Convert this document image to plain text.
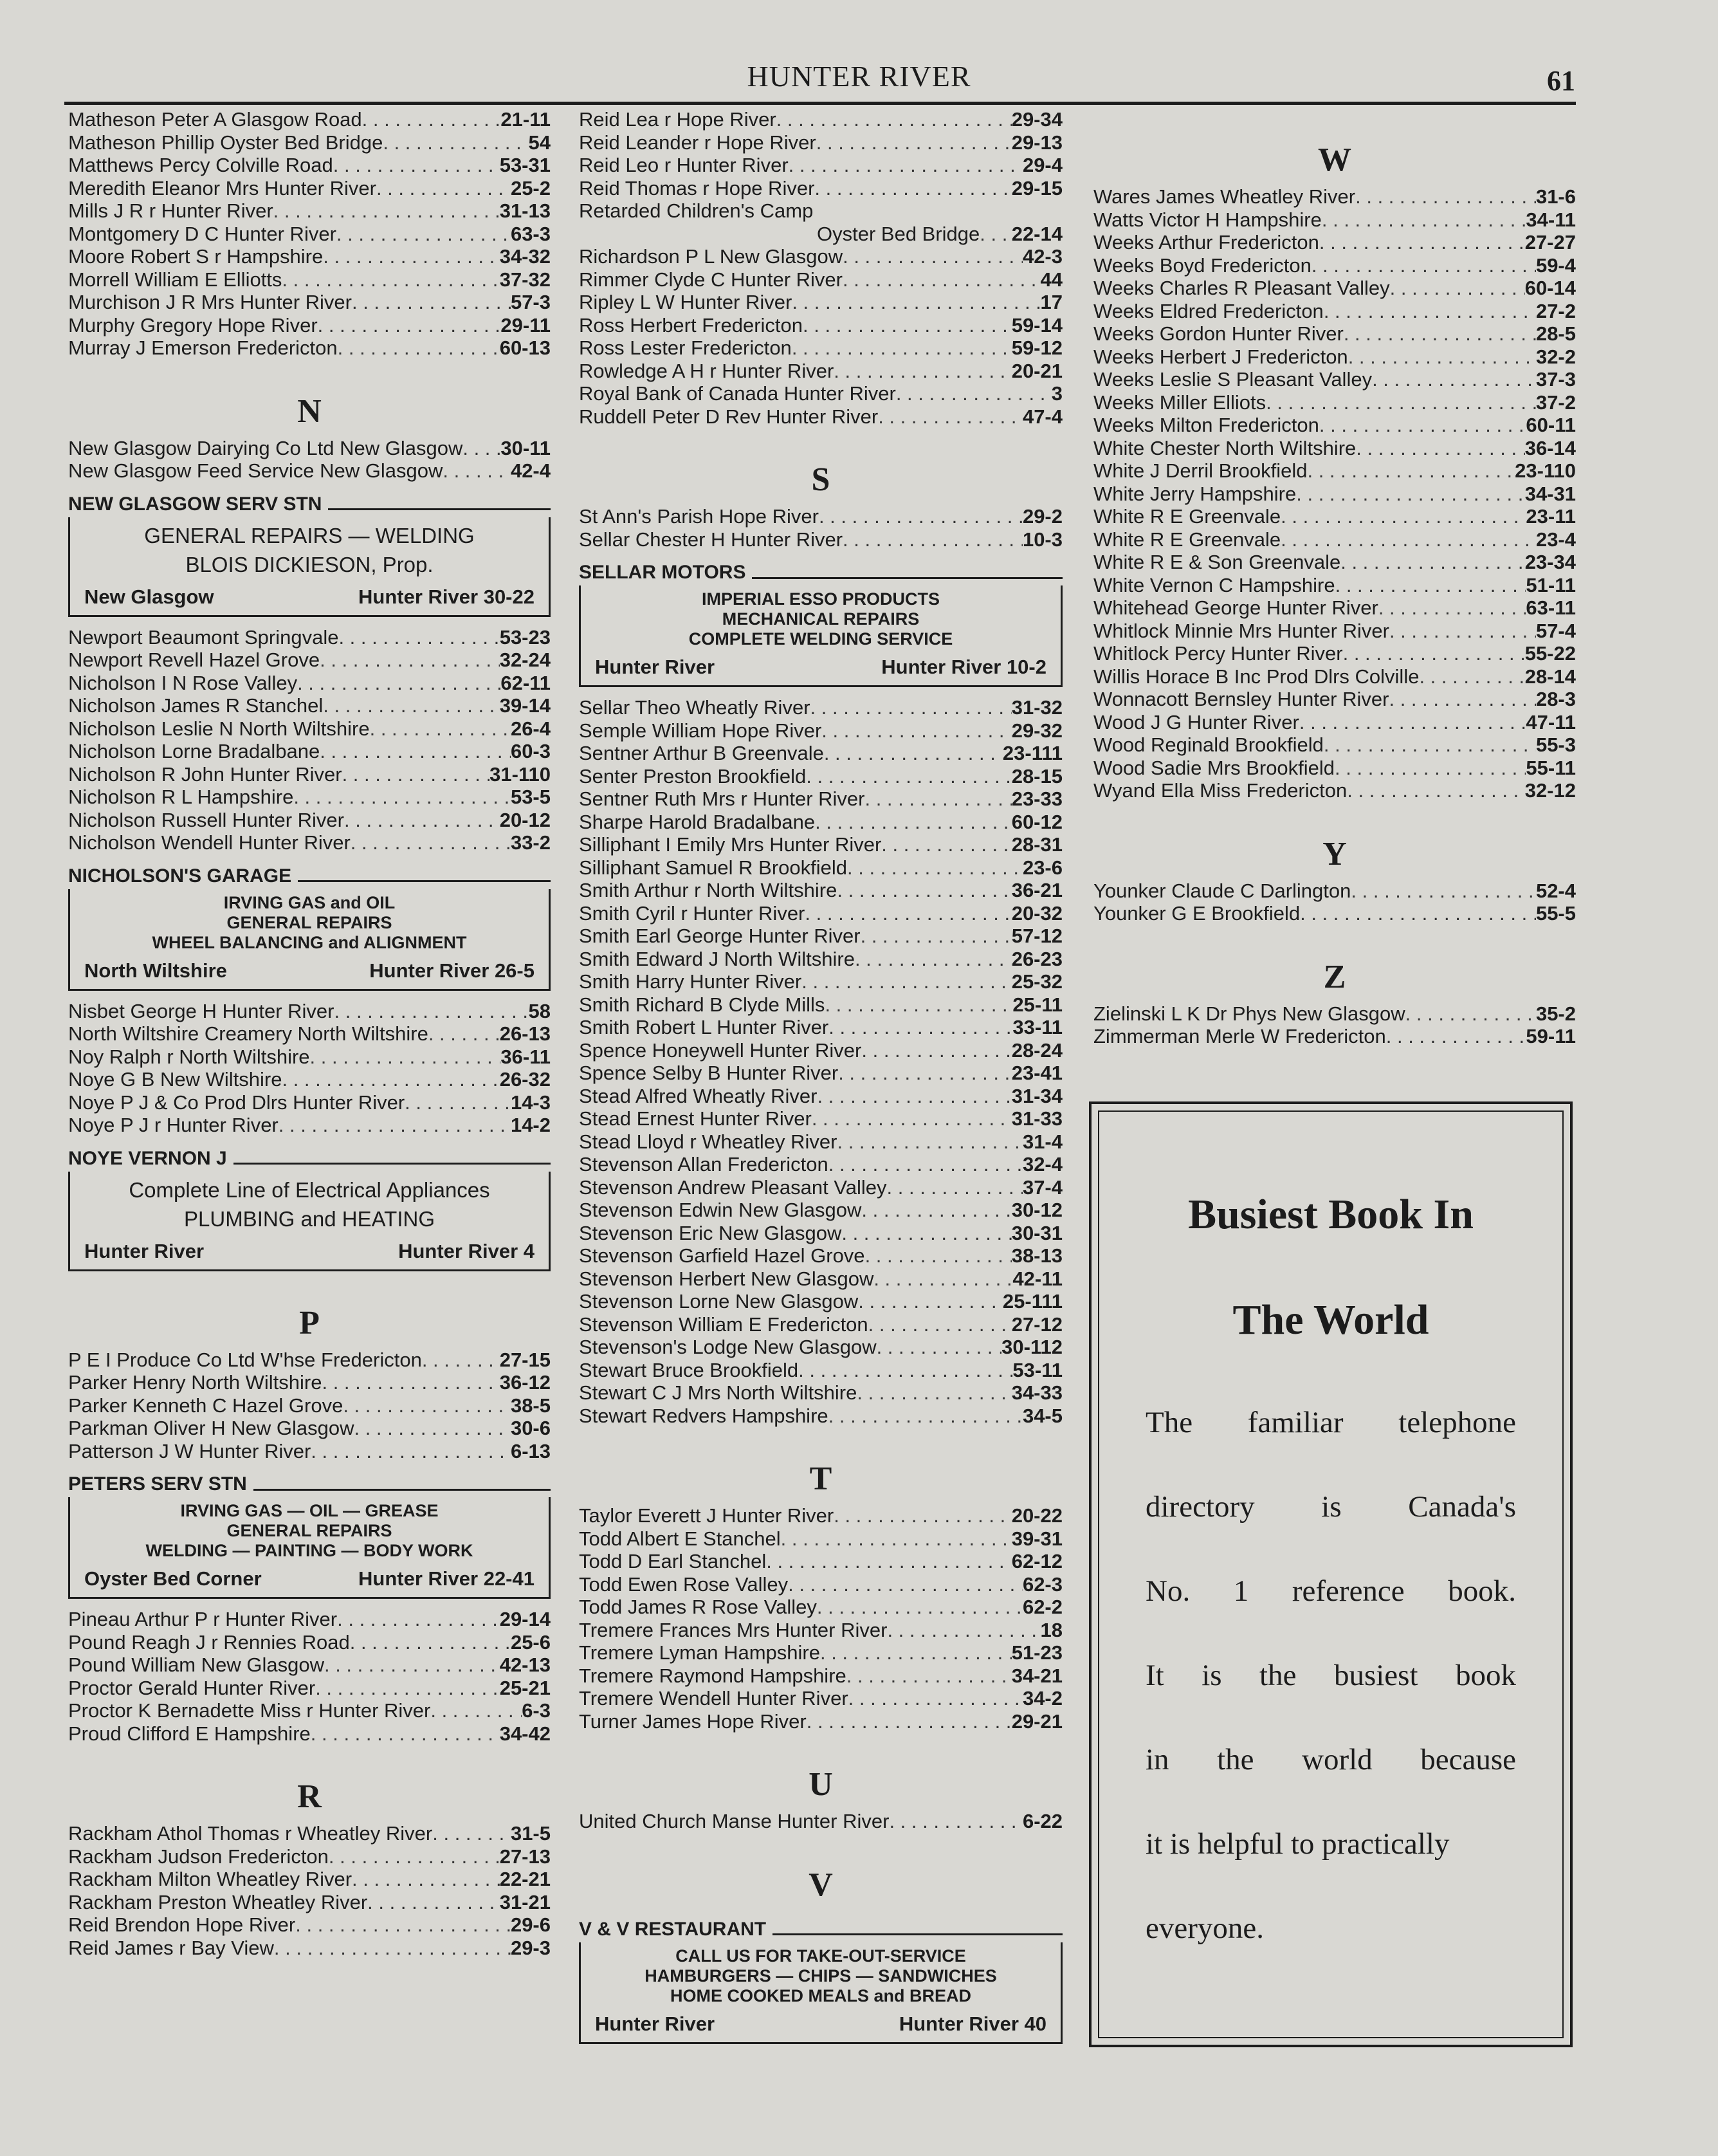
HUNTER RIVER	61
Matheson Peter A Glasgow Road . . .	21-11
Matheson Phillip Oyster Bed Bridge . . .	54
Matthews Percy Colville Road . . .	53-31
Meredith Eleanor Mrs Hunter River . . .	25-2
Mills J R r Hunter River . . .	31-13
Montgomery D C Hunter River . . .	63-3
Moore Robert S r Hampshire . . .	34-32
Morrell William E Elliotts . . .	37-32
Murchison J R Mrs Hunter River . . .	57-3
Murphy Gregory Hope River . . .	29-11
Murray J Emerson Fredericton . . .	60-13
N
New Glasgow Dairying Co Ltd New Glasgow . . . 30-11
New Glasgow Feed Service New Glasgow . . .	42-4
NEW GLASGOW SERV STN
GENERAL REPAIRS — WELDING
BLOIS DICKIESON, Prop.
New Glasgow	Hunter River 30-22
Newport Beaumont Springvale . . .	53-23
Newport Revell Hazel Grove . . .	32-24
Nicholson I N Rose Valley . . .	62-11
Nicholson James R Stanchel . . .	39-14
Nicholson Leslie N North Wiltshire . . .	26-4
Nicholson Lorne Bradalbane . . .	60-3
Nicholson R John Hunter River . . .	31-110
Nicholson R L Hampshire . . .	53-5
Nicholson Russell Hunter River . . .	20-12
Nicholson Wendell Hunter River . . .	33-2
NICHOLSON'S GARAGE
IRVING GAS and OIL
GENERAL REPAIRS
WHEEL BALANCING and ALIGNMENT
North Wiltshire	Hunter River 26-5
Nisbet George H Hunter River . . .	58
North Wiltshire Creamery North Wiltshire . . .	26-13
Noy Ralph r North Wiltshire . . .	36-11
Noye G B New Wiltshire . . .	26-32
Noye P J & Co Prod Dlrs Hunter River . . .	14-3
Noye P J r Hunter River . . .	14-2
NOYE VERNON J
Complete Line of Electrical Appliances
PLUMBING and HEATING
Hunter River	Hunter River 4
P
P E I Produce Co Ltd W'hse Fredericton . . .	27-15
Parker Henry North Wiltshire . . .	36-12
Parker Kenneth C Hazel Grove . . .	38-5
Parkman Oliver H New Glasgow . . .	30-6
Patterson J W Hunter River . . .	6-13
PETERS SERV STN
IRVING GAS — OIL — GREASE
GENERAL REPAIRS
WELDING — PAINTING — BODY WORK
Oyster Bed Corner	Hunter River 22-41
Pineau Arthur P r Hunter River . . .	29-14
Pound Reagh J r Rennies Road . . .	25-6
Pound William New Glasgow . . .	42-13
Proctor Gerald Hunter River . . .	25-21
Proctor K Bernadette Miss r Hunter River . . .	6-3
Proud Clifford E Hampshire . . .	34-42
R
Rackham Athol Thomas r Wheatley River . . .	31-5
Rackham Judson Fredericton . . .	27-13
Rackham Milton Wheatley River . . .	22-21
Rackham Preston Wheatley River . . .	31-21
Reid Brendon Hope River . . .	29-6
Reid James r Bay View . . .	29-3
Reid Lea r Hope River . . .	29-34
Reid Leander r Hope River . . .	29-13
Reid Leo r Hunter River . . .	29-4
Reid Thomas r Hope River . . .	29-15
Retarded Children's Camp
Oyster Bed Bridge . . . 22-14
Richardson P L New Glasgow . . .	42-3
Rimmer Clyde C Hunter River . . .	44
Ripley L W Hunter River . . .	17
Ross Herbert Fredericton . . .	59-14
Ross Lester Fredericton . . .	59-12
Rowledge A H r Hunter River . . .	20-21
Royal Bank of Canada Hunter River . . .	3
Ruddell Peter D Rev Hunter River . . .	47-4
S
St Ann's Parish Hope River . . .	29-2
Sellar Chester H Hunter River . . .	10-3
SELLAR MOTORS
IMPERIAL ESSO PRODUCTS
MECHANICAL REPAIRS
COMPLETE WELDING SERVICE
Hunter River	Hunter River 10-2
Sellar Theo Wheatly River . . .	31-32
Semple William Hope River . . .	29-32
Sentner Arthur B Greenvale . . .	23-111
Senter Preston Brookfield . . .	28-15
Sentner Ruth Mrs r Hunter River . . .	23-33
Sharpe Harold Bradalbane . . .	60-12
Silliphant I Emily Mrs Hunter River . . .	28-31
Silliphant Samuel R Brookfield . . .	23-6
Smith Arthur r North Wiltshire . . .	36-21
Smith Cyril r Hunter River . . .	20-32
Smith Earl George Hunter River . . .	57-12
Smith Edward J North Wiltshire . . .	26-23
Smith Harry Hunter River . . .	25-32
Smith Richard B Clyde Mills . . .	25-11
Smith Robert L Hunter River . . .	33-11
Spence Honeywell Hunter River . . .	28-24
Spence Selby B Hunter River . . .	23-41
Stead Alfred Wheatly River . . .	31-34
Stead Ernest Hunter River . . .	31-33
Stead Lloyd r Wheatley River . . .	31-4
Stevenson Allan Fredericton . . .	32-4
Stevenson Andrew Pleasant Valley . . .	37-4
Stevenson Edwin New Glasgow . . .	30-12
Stevenson Eric New Glasgow . . .	30-31
Stevenson Garfield Hazel Grove . . .	38-13
Stevenson Herbert New Glasgow . . .	42-11
Stevenson Lorne New Glasgow . . .	25-111
Stevenson William E Fredericton . . .	27-12
Stevenson's Lodge New Glasgow . . .	30-112
Stewart Bruce Brookfield . . .	53-11
Stewart C J Mrs North Wiltshire . . .	34-33
Stewart Redvers Hampshire . . .	34-5
T
Taylor Everett J Hunter River . . .	20-22
Todd Albert E Stanchel . . .	39-31
Todd D Earl Stanchel . . .	62-12
Todd Ewen Rose Valley . . .	62-3
Todd James R Rose Valley . . .	62-2
Tremere Frances Mrs Hunter River . . .	18
Tremere Lyman Hampshire . . .	51-23
Tremere Raymond Hampshire . . .	34-21
Tremere Wendell Hunter River . . .	34-2
Turner James Hope River . . .	29-21
U
United Church Manse Hunter River . . .	6-22
V
V & V RESTAURANT
CALL US FOR TAKE-OUT-SERVICE
HAMBURGERS — CHIPS — SANDWICHES
HOME COOKED MEALS and BREAD
Hunter River	Hunter River 40
W
Wares James Wheatley River . . .	31-6
Watts Victor H Hampshire . . .	34-11
Weeks Arthur Fredericton . . .	27-27
Weeks Boyd Fredericton . . .	59-4
Weeks Charles R Pleasant Valley . . .	60-14
Weeks Eldred Fredericton . . .	27-2
Weeks Gordon Hunter River . . .	28-5
Weeks Herbert J Fredericton . . .	32-2
Weeks Leslie S Pleasant Valley . . .	37-3
Weeks Miller Elliots . . .	37-2
Weeks Milton Fredericton . . .	60-11
White Chester North Wiltshire . . .	36-14
White J Derril Brookfield . . .	23-110
White Jerry Hampshire . . .	34-31
White R E Greenvale . . .	23-11
White R E Greenvale . . .	23-4
White R E & Son Greenvale . . .	23-34
White Vernon C Hampshire . . .	51-11
Whitehead George Hunter River . . .	63-11
Whitlock Minnie Mrs Hunter River . . .	57-4
Whitlock Percy Hunter River . . .	55-22
Willis Horace B Inc Prod Dlrs Colville . . .	28-14
Wonnacott Bernsley Hunter River . . .	28-3
Wood J G Hunter River . . .	47-11
Wood Reginald Brookfield . . .	55-3
Wood Sadie Mrs Brookfield . . .	55-11
Wyand Ella Miss Fredericton . . .	32-12
Y
Younker Claude C Darlington . . .	52-4
Younker G E Brookfield . . .	55-5
Z
Zielinski L K Dr Phys New Glasgow . . .	35-2
Zimmerman Merle W Fredericton . . .	59-11
Busiest Book In
The World
The familiar telephone
directory is Canada's
No. 1 reference book.
It is the busiest book
in the world because
it is helpful to practically
everyone.
